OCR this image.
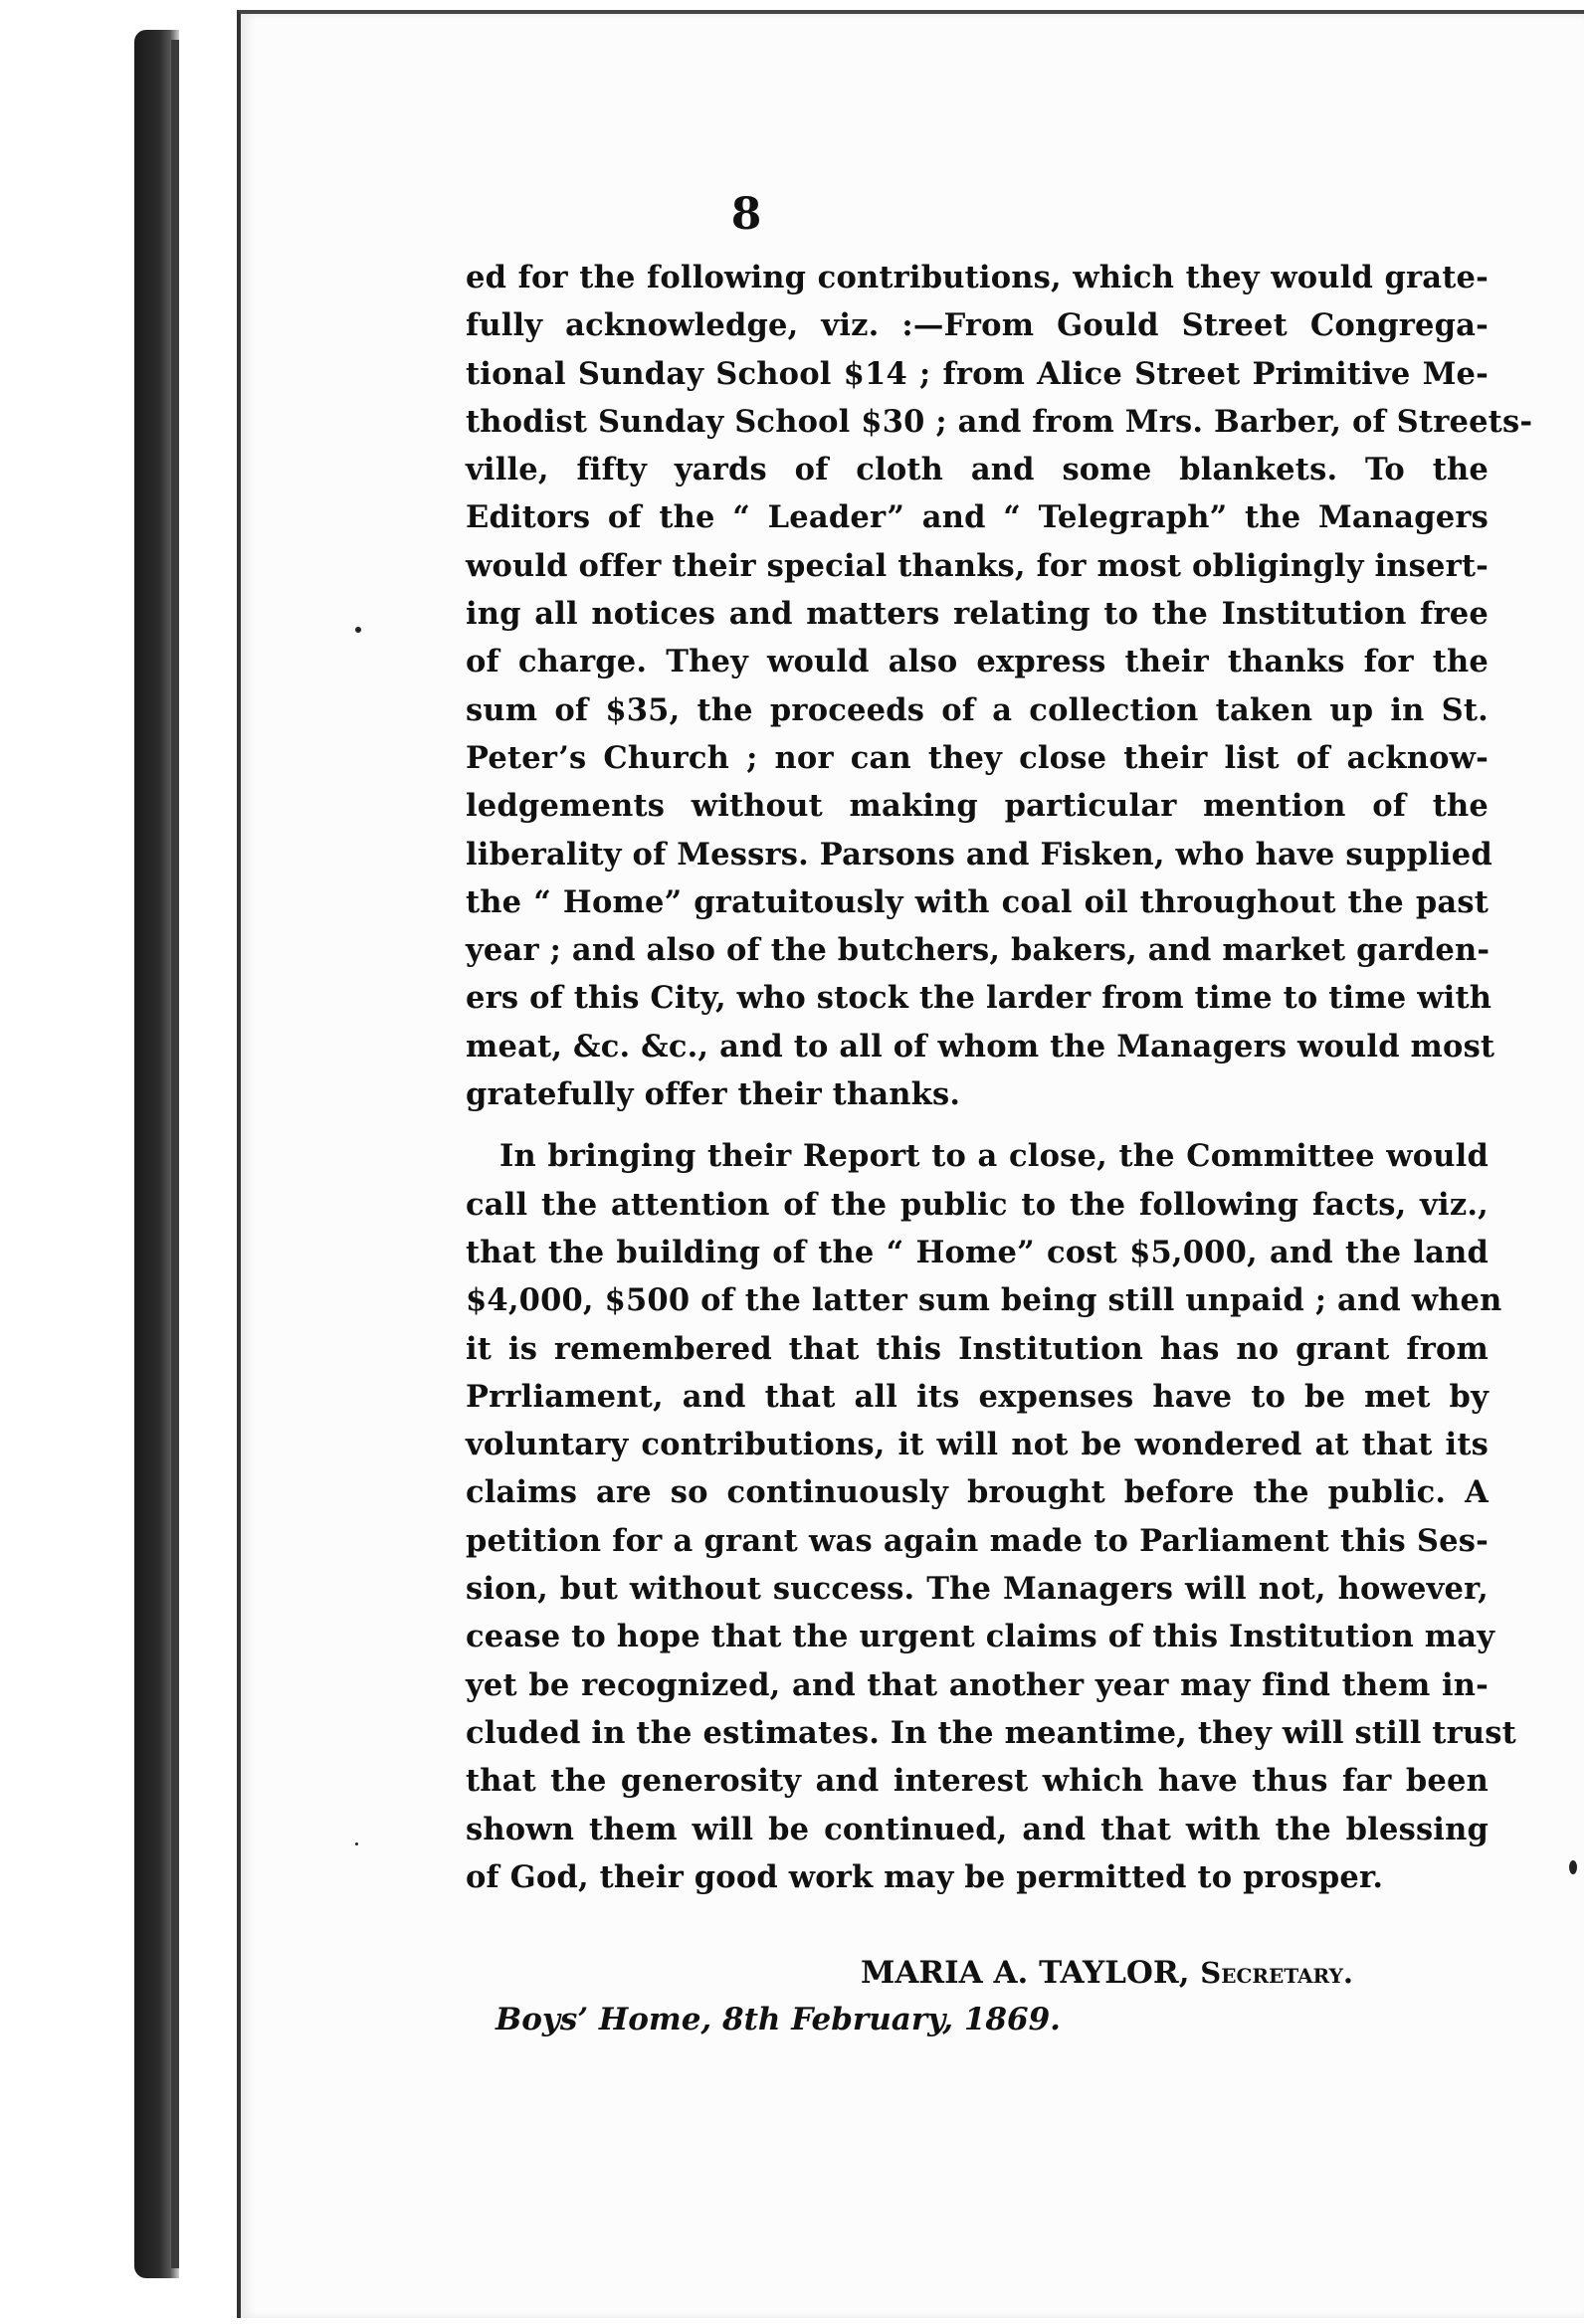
8
ed for the following contributions, which they would grate-
fully acknowledge, viz. :—From Gould Street Congrega-
tional Sunday School $14 ; from Alice Street Primitive Me-
thodist Sunday School $30 ; and from Mrs. Barber, of Streets-
ville, fifty yards of cloth and some blankets. To the
Editors of the “ Leader” and “ Telegraph” the Managers
would offer their special thanks, for most obligingly insert-
ing all notices and matters relating to the Institution free
of charge. They would also express their thanks for the
sum of $35, the proceeds of a collection taken up in St.
Peter’s Church ; nor can they close their list of acknow-
ledgements without making particular mention of the
liberality of Messrs. Parsons and Fisken, who have supplied
the “ Home” gratuitously with coal oil throughout the past
year ; and also of the butchers, bakers, and market garden-
ers of this City, who stock the larder from time to time with
meat, &c. &c., and to all of whom the Managers would most
gratefully offer their thanks.
In bringing their Report to a close, the Committee would
call the attention of the public to the following facts, viz.,
that the building of the “ Home” cost $5,000, and the land
$4,000, $500 of the latter sum being still unpaid ; and when
it is remembered that this Institution has no grant from
Prrliament, and that all its expenses have to be met by
voluntary contributions, it will not be wondered at that its
claims are so continuously brought before the public. A
petition for a grant was again made to Parliament this Ses-
sion, but without success. The Managers will not, however,
cease to hope that the urgent claims of this Institution may
yet be recognized, and that another year may find them in-
cluded in the estimates. In the meantime, they will still trust
that the generosity and interest which have thus far been
shown them will be continued, and that with the blessing
of God, their good work may be permitted to prosper.
MARIA A. TAYLOR, Secretary.
Boys’ Home, 8th February, 1869.
